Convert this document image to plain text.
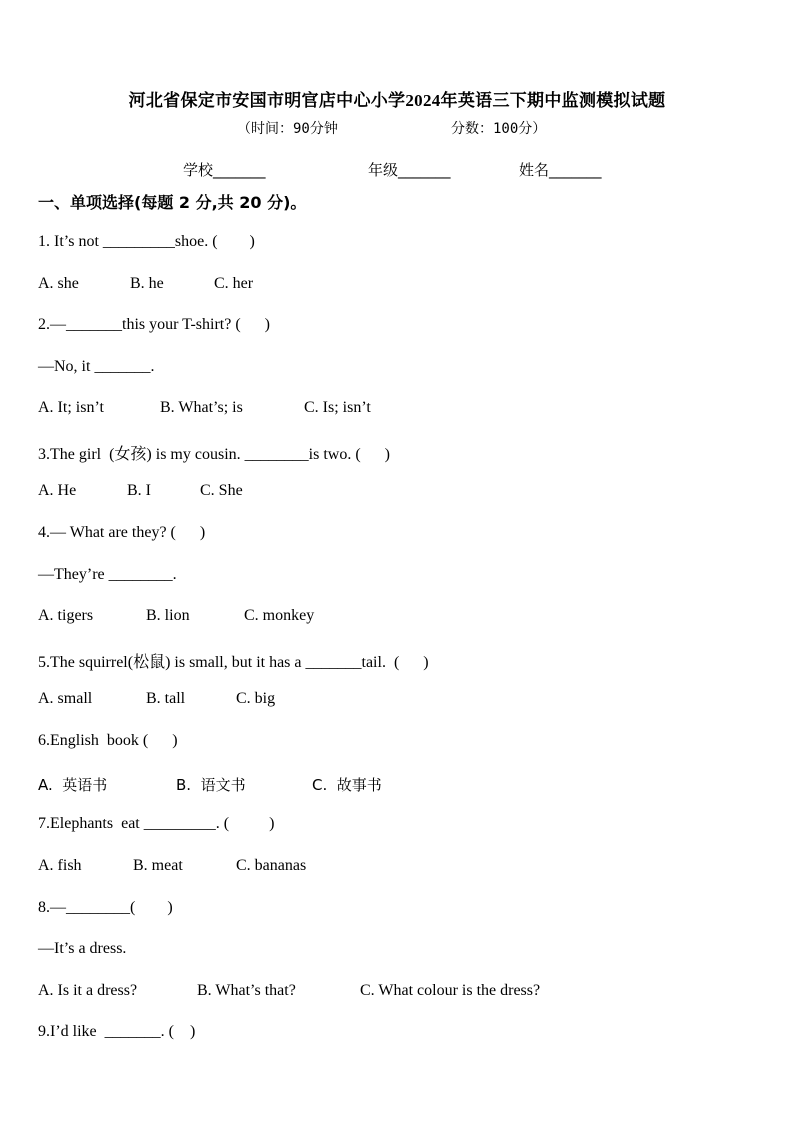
河北省保定市安国市明官店中心小学2024年英语三下期中监测模拟试题
（时间：90分钟	分数：100分）
学校_______	年级_______	姓名_______
一、单项选择(每题 2 分,共 20 分)。
1. It’s not _________shoe. (        )
A. she	B. he	C. her
2.—_______this your T-shirt? (      )
—No, it _______.
A. It; isn’t	B. What’s; is	C. Is; isn’t
3.The girl  (女孩) is my cousin. ________is two. (      )
A. He	B. I	C. She
4.— What are they? (      )
—They’re ________.
A. tigers	B. lion	C. monkey
5.The squirrel(松鼠) is small, but it has a _______tail.  (      )
A. small	B. tall	C. big
6.English  book (      )
A.  英语书	B.  语文书	C.  故事书
7.Elephants  eat _________. (          )
A. fish	B. meat	C. bananas
8.—________(        )
—It’s a dress.
A. Is it a dress?	B. What’s that?	C. What colour is the dress?
9.I’d like  _______. (    )
